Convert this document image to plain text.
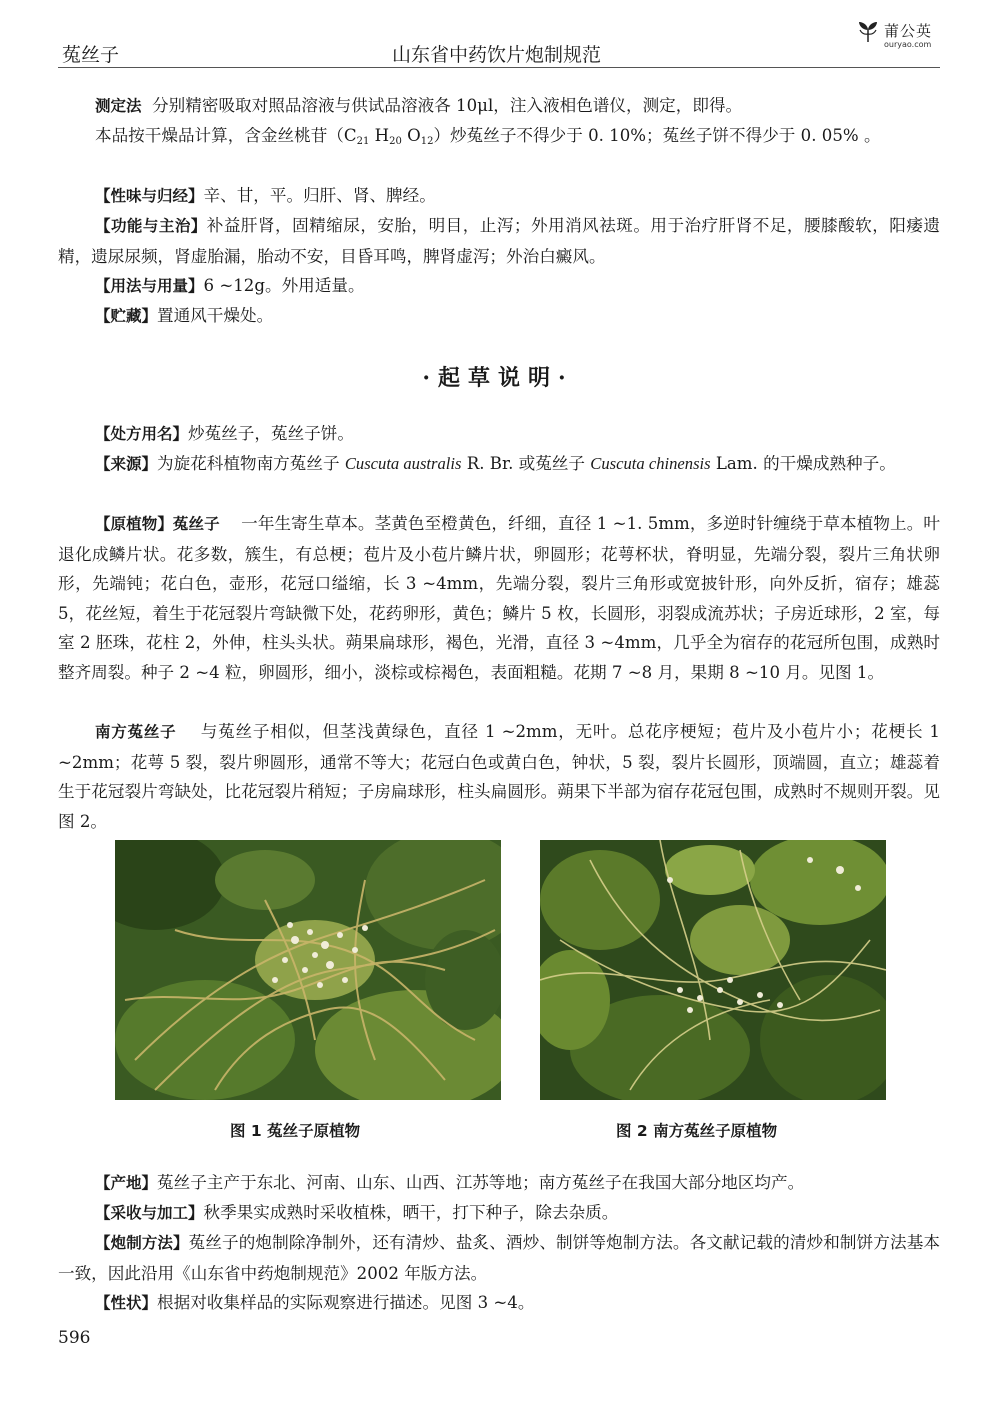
菟丝子	山东省中药饮片炮制规范
莆公英
ouryao.com
测定法 分别精密吸取对照品溶液与供试品溶液各 10μl，注入液相色谱仪，测定，即得。
本品按干燥品计算，含金丝桃苷（$C_{21}$ $H_{20}$ $O_{12}$）炒菟丝子不得少于 0. 10%；菟丝子饼不得少于 0. 05% 。
【性味与归经】辛、甘，平。归肝、肾、脾经。
【功能与主治】补益肝肾，固精缩尿，安胎，明目，止泻；外用消风祛斑。用于治疗肝肾不足，腰膝酸软，阳痿遗精，遗尿尿频，肾虚胎漏，胎动不安，目昏耳鸣，脾肾虚泻；外治白癜风。
【用法与用量】6 ~12g。外用适量。
【贮藏】置通风干燥处。
·起草说明·
【处方用名】炒菟丝子，菟丝子饼。
【来源】为旋花科植物南方菟丝子 Cuscuta australis R. Br. 或菟丝子 Cuscuta chinensis Lam. 的干燥成熟种子。
【原植物】菟丝子 一年生寄生草本。茎黄色至橙黄色，纤细，直径 1 ~1. 5mm，多逆时针缠绕于草本植物上。叶退化成鳞片状。花多数，簇生，有总梗；苞片及小苞片鳞片状，卵圆形；花萼杯状，脊明显，先端分裂，裂片三角状卵形，先端钝；花白色，壶形，花冠口缢缩，长 3 ~4mm，先端分裂，裂片三角形或宽披针形，向外反折，宿存；雄蕊 5，花丝短，着生于花冠裂片弯缺微下处，花药卵形，黄色；鳞片 5 枚，长圆形，羽裂成流苏状；子房近球形，2 室，每室 2 胚珠，花柱 2，外伸，柱头头状。蒴果扁球形，褐色，光滑，直径 3 ~4mm，几乎全为宿存的花冠所包围，成熟时整齐周裂。种子 2 ~4 粒，卵圆形，细小，淡棕或棕褐色，表面粗糙。花期 7 ~8 月，果期 8 ~10 月。见图 1。
南方菟丝子 与菟丝子相似，但茎浅黄绿色，直径 1 ~2mm，无叶。总花序梗短；苞片及小苞片小；花梗长 1 ~2mm；花萼 5 裂，裂片卵圆形，通常不等大；花冠白色或黄白色，钟状，5 裂，裂片长圆形，顶端圆，直立；雄蕊着生于花冠裂片弯缺处，比花冠裂片稍短；子房扁球形，柱头扁圆形。蒴果下半部为宿存花冠包围，成熟时不规则开裂。见图 2。
图 1 菟丝子原植物	图 2 南方菟丝子原植物
【产地】菟丝子主产于东北、河南、山东、山西、江苏等地；南方菟丝子在我国大部分地区均产。
【采收与加工】秋季果实成熟时采收植株，晒干，打下种子，除去杂质。
【炮制方法】菟丝子的炮制除净制外，还有清炒、盐炙、酒炒、制饼等炮制方法。各文献记载的清炒和制饼方法基本一致，因此沿用《山东省中药炮制规范》2002 年版方法。
【性状】根据对收集样品的实际观察进行描述。见图 3 ~4。
596
